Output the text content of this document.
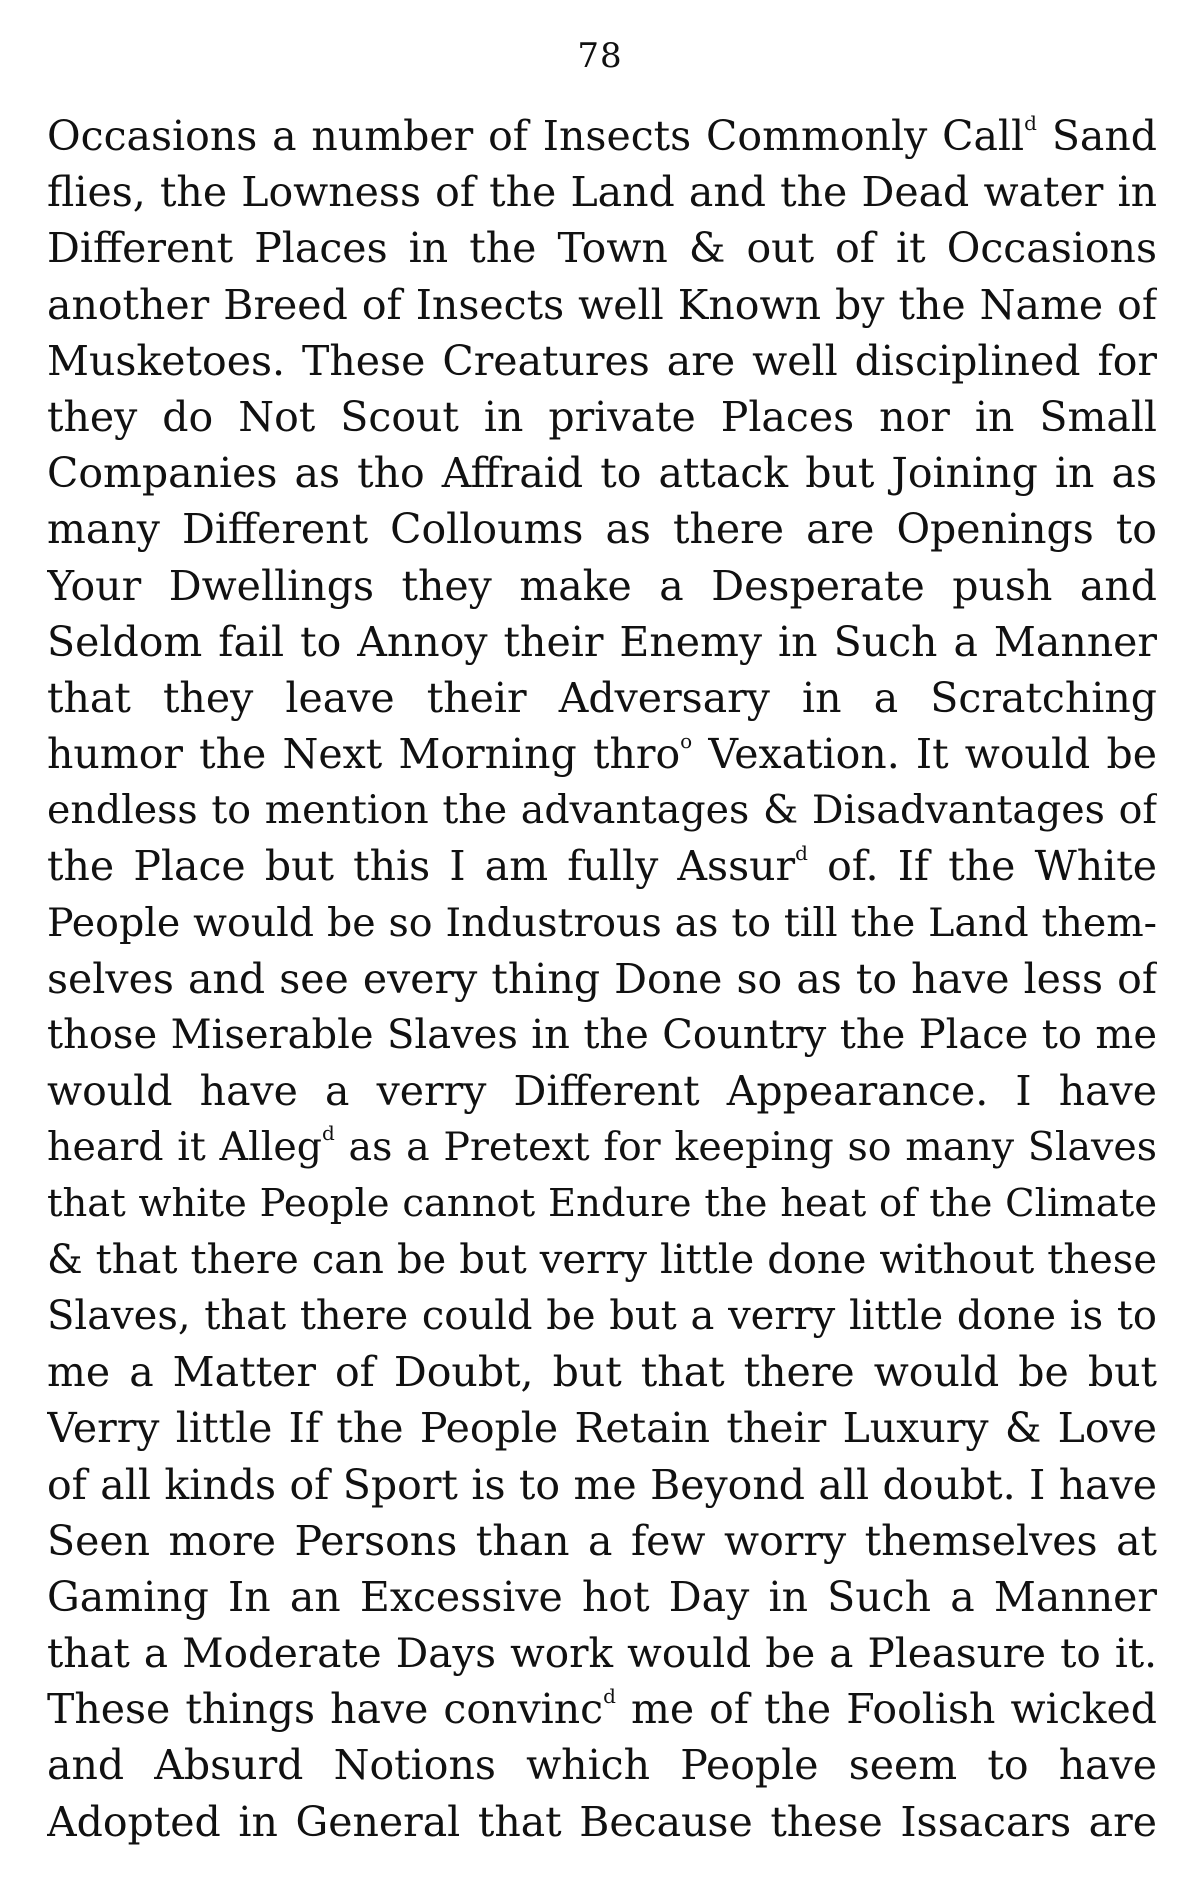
78
Occasions a number of Insects Commonly Call$^d$ Sand
flies, the Lowness of the Land and the Dead water in
Different Places in the Town & out of it Occasions
another Breed of Insects well Known by the Name of
Musketoes. These Creatures are well disciplined for
they do Not Scout in private Places nor in Small
Companies as tho Affraid to attack but Joining in as
many Different Colloums as there are Openings to
Your Dwellings they make a Desperate push and
Seldom fail to Annoy their Enemy in Such a Manner
that they leave their Adversary in a Scratching
humor the Next Morning thro$^o$ Vexation. It would be
endless to mention the advantages & Disadvantages of
the Place but this I am fully Assur$^d$ of. If the White
People would be so Industrous as to till the Land them-
selves and see every thing Done so as to have less of
those Miserable Slaves in the Country the Place to me
would have a verry Different Appearance. I have
heard it Alleg$^d$ as a Pretext for keeping so many Slaves
that white People cannot Endure the heat of the Climate
& that there can be but verry little done without these
Slaves, that there could be but a verry little done is to
me a Matter of Doubt, but that there would be but
Verry little If the People Retain their Luxury & Love
of all kinds of Sport is to me Beyond all doubt. I have
Seen more Persons than a few worry themselves at
Gaming In an Excessive hot Day in Such a Manner
that a Moderate Days work would be a Pleasure to it.
These things have convinc$^d$ me of the Foolish wicked
and Absurd Notions which People seem to have
Adopted in General that Because these Issacars are
